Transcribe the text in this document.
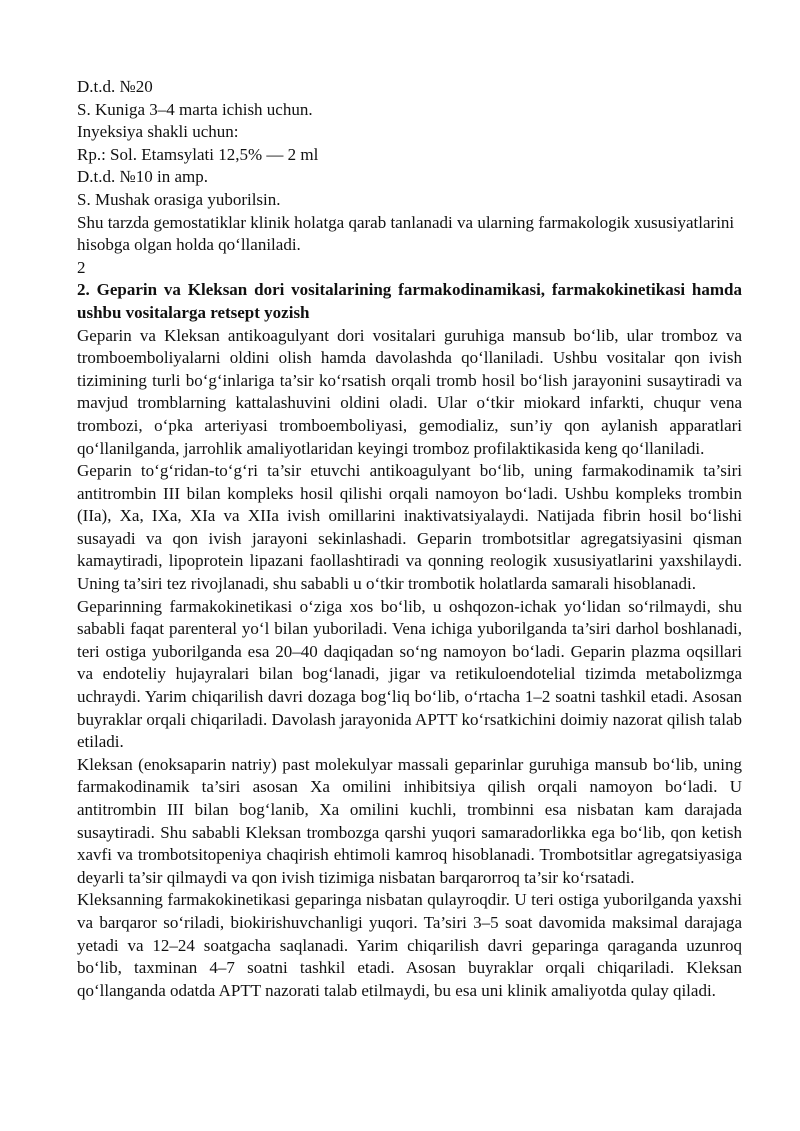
D.t.d. №20

S. Kuniga 3–4 marta ichish uchun.

Inyeksiya shakli uchun:

Rp.: Sol. Etamsylati 12,5% — 2 ml

D.t.d. №10 in amp.

S. Mushak orasiga yuborilsin.

Shu tarzda gemostatiklar klinik holatga qarab tanlanadi va ularning farmakologik xususiyatlarini hisobga olgan holda qo‘llaniladi.

2

2. Geparin va Kleksan dori vositalarining farmakodinamikasi, farmakokinetikasi hamda ushbu vositalarga retsept yozish

Geparin va Kleksan antikoagulyant dori vositalari guruhiga mansub bo‘lib, ular tromboz va tromboemboliyalarni oldini olish hamda davolashda qo‘llaniladi. Ushbu vositalar qon ivish tizimining turli bo‘g‘inlariga ta’sir ko‘rsatish orqali tromb hosil bo‘lish jarayonini susaytiradi va mavjud tromblarning kattalashuvini oldini oladi. Ular o‘tkir miokard infarkti, chuqur vena trombozi, o‘pka arteriyasi tromboemboliyasi, gemodializ, sun’iy qon aylanish apparatlari qo‘llanilganda, jarrohlik amaliyotlaridan keyingi tromboz profilaktikasida keng qo‘llaniladi.

Geparin to‘g‘ridan-to‘g‘ri ta’sir etuvchi antikoagulyant bo‘lib, uning farmakodinamik ta’siri antitrombin III bilan kompleks hosil qilishi orqali namoyon bo‘ladi. Ushbu kompleks trombin (IIa), Xa, IXa, XIa va XIIa ivish omillarini inaktivatsiyalaydi. Natijada fibrin hosil bo‘lishi susayadi va qon ivish jarayoni sekinlashadi. Geparin trombotsitlar agregatsiyasini qisman kamaytiradi, lipoprotein lipazani faollashtiradi va qonning reologik xususiyatlarini yaxshilaydi. Uning ta’siri tez rivojlanadi, shu sababli u o‘tkir trombotik holatlarda samarali hisoblanadi.

Geparinning farmakokinetikasi o‘ziga xos bo‘lib, u oshqozon-ichak yo‘lidan so‘rilmaydi, shu sababli faqat parenteral yo‘l bilan yuboriladi. Vena ichiga yuborilganda ta’siri darhol boshlanadi, teri ostiga yuborilganda esa 20–40 daqiqadan so‘ng namoyon bo‘ladi. Geparin plazma oqsillari va endoteliy hujayralari bilan bog‘lanadi, jigar va retikuloendotelial tizimda metabolizmga uchraydi. Yarim chiqarilish davri dozaga bog‘liq bo‘lib, o‘rtacha 1–2 soatni tashkil etadi. Asosan buyraklar orqali chiqariladi. Davolash jarayonida APTT ko‘rsatkichini doimiy nazorat qilish talab etiladi.

Kleksan (enoksaparin natriy) past molekulyar massali geparinlar guruhiga mansub bo‘lib, uning farmakodinamik ta’siri asosan Xa omilini inhibitsiya qilish orqali namoyon bo‘ladi. U antitrombin III bilan bog‘lanib, Xa omilini kuchli, trombinni esa nisbatan kam darajada susaytiradi. Shu sababli Kleksan trombozga qarshi yuqori samaradorlikka ega bo‘lib, qon ketish xavfi va trombotsitopeniya chaqirish ehtimoli kamroq hisoblanadi. Trombotsitlar agregatsiyasiga deyarli ta’sir qilmaydi va qon ivish tizimiga nisbatan barqarorroq ta’sir ko‘rsatadi.

Kleksanning farmakokinetikasi geparinga nisbatan qulayroqdir. U teri ostiga yuborilganda yaxshi va barqaror so‘riladi, biokirishuvchanligi yuqori. Ta’siri 3–5 soat davomida maksimal darajaga yetadi va 12–24 soatgacha saqlanadi. Yarim chiqarilish davri geparinga qaraganda uzunroq bo‘lib, taxminan 4–7 soatni tashkil etadi. Asosan buyraklar orqali chiqariladi. Kleksan qo‘llanganda odatda APTT nazorati talab etilmaydi, bu esa uni klinik amaliyotda qulay qiladi.
